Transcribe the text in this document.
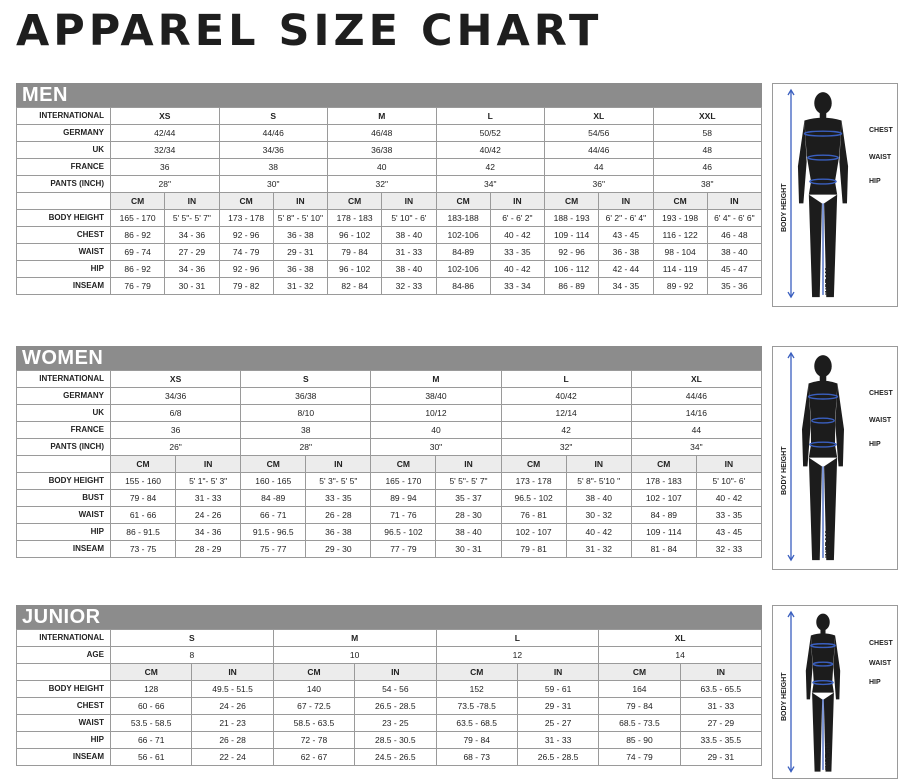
APPAREL SIZE CHART
MEN
INTERNATIONAL	XS		S		M		L		XL		XXL	
GERMANY	42/44		44/46		46/48		50/52		54/56		58	
UK	32/34		34/36		36/38		40/42		44/46		48	
FRANCE	36		38		40		42		44		46	
PANTS (INCH)	28"		30"		32"		34"		36"		38"	
	CM	IN	CM	IN	CM	IN	CM	IN	CM	IN	CM	IN
BODY HEIGHT	165 - 170	5' 5"- 5' 7"	173 - 178	5' 8" - 5' 10"	178 - 183	5' 10" - 6'	183-188	6' - 6' 2"	188 - 193	6' 2" - 6' 4"	193 - 198	6' 4" - 6' 6"
CHEST	86 - 92	34 - 36	92 - 96	36 - 38	96 - 102	38 - 40	102-106	40 - 42	109 - 114	43 - 45	116 - 122	46 - 48
WAIST	69 - 74	27 - 29	74 - 79	29 - 31	79 - 84	31 - 33	84-89	33 - 35	92 - 96	36 - 38	98 - 104	38 - 40
HIP	86 - 92	34 - 36	92 - 96	36 - 38	96 - 102	38 - 40	102-106	40 - 42	106 - 112	42 - 44	114 - 119	45 - 47
INSEAM	76 - 79	30 - 31	79 - 82	31 - 32	82 - 84	32 - 33	84-86	33 - 34	86 - 89	34 - 35	89 - 92	35 - 36
CHEST
WAIST
HIP
BODY HEIGHT
INSEAM
WOMEN
INTERNATIONAL	XS		S		M		L		XL	
GERMANY	34/36		36/38		38/40		40/42		44/46	
UK	6/8		8/10		10/12		12/14		14/16	
FRANCE	36		38		40		42		44	
PANTS (INCH)	26"		28"		30"		32"		34"	
	CM	IN	CM	IN	CM	IN	CM	IN	CM	IN
BODY HEIGHT	155 - 160	5' 1"- 5' 3"	160 - 165	5' 3"- 5' 5"	165 - 170	5' 5"- 5' 7"	173 - 178	5' 8"- 5'10 "	178 - 183	5' 10"- 6'
BUST	79 - 84	31 - 33	84 -89	33 - 35	89 - 94	35 - 37	96.5 - 102	38 - 40	102 - 107	40 - 42
WAIST	61 - 66	24 - 26	66 - 71	26 - 28	71 - 76	28 - 30	76 - 81	30 - 32	84 - 89	33 - 35
HIP	86 - 91.5	34 - 36	91.5 - 96.5	36 - 38	96.5 - 102	38 - 40	102 - 107	40 - 42	109 - 114	43 - 45
INSEAM	73 - 75	28 - 29	75 - 77	29 - 30	77 - 79	30 - 31	79 - 81	31 - 32	81 - 84	32 - 33
CHEST
WAIST
HIP
BODY HEIGHT
INSEAM
JUNIOR
INTERNATIONAL	S		M		L		XL	
AGE	8		10		12		14	
	CM	IN	CM	IN	CM	IN	CM	IN
BODY HEIGHT	128	49.5 - 51.5	140	54 - 56	152	59 - 61	164	63.5 - 65.5
CHEST	60 - 66	24 - 26	67 - 72.5	26.5 - 28.5	73.5 -78.5	29 - 31	79 - 84	31 - 33
WAIST	53.5 - 58.5	21 - 23	58.5 - 63.5	23 - 25	63.5 - 68.5	25 - 27	68.5 - 73.5	27 - 29
HIP	66 - 71	26 - 28	72 - 78	28.5 - 30.5	79 - 84	31 - 33	85 - 90	33.5 - 35.5
INSEAM	56 - 61	22 - 24	62 - 67	24.5 - 26.5	68 - 73	26.5 - 28.5	74 - 79	29 - 31
CHEST
WAIST
HIP
BODY HEIGHT
INSEAM
